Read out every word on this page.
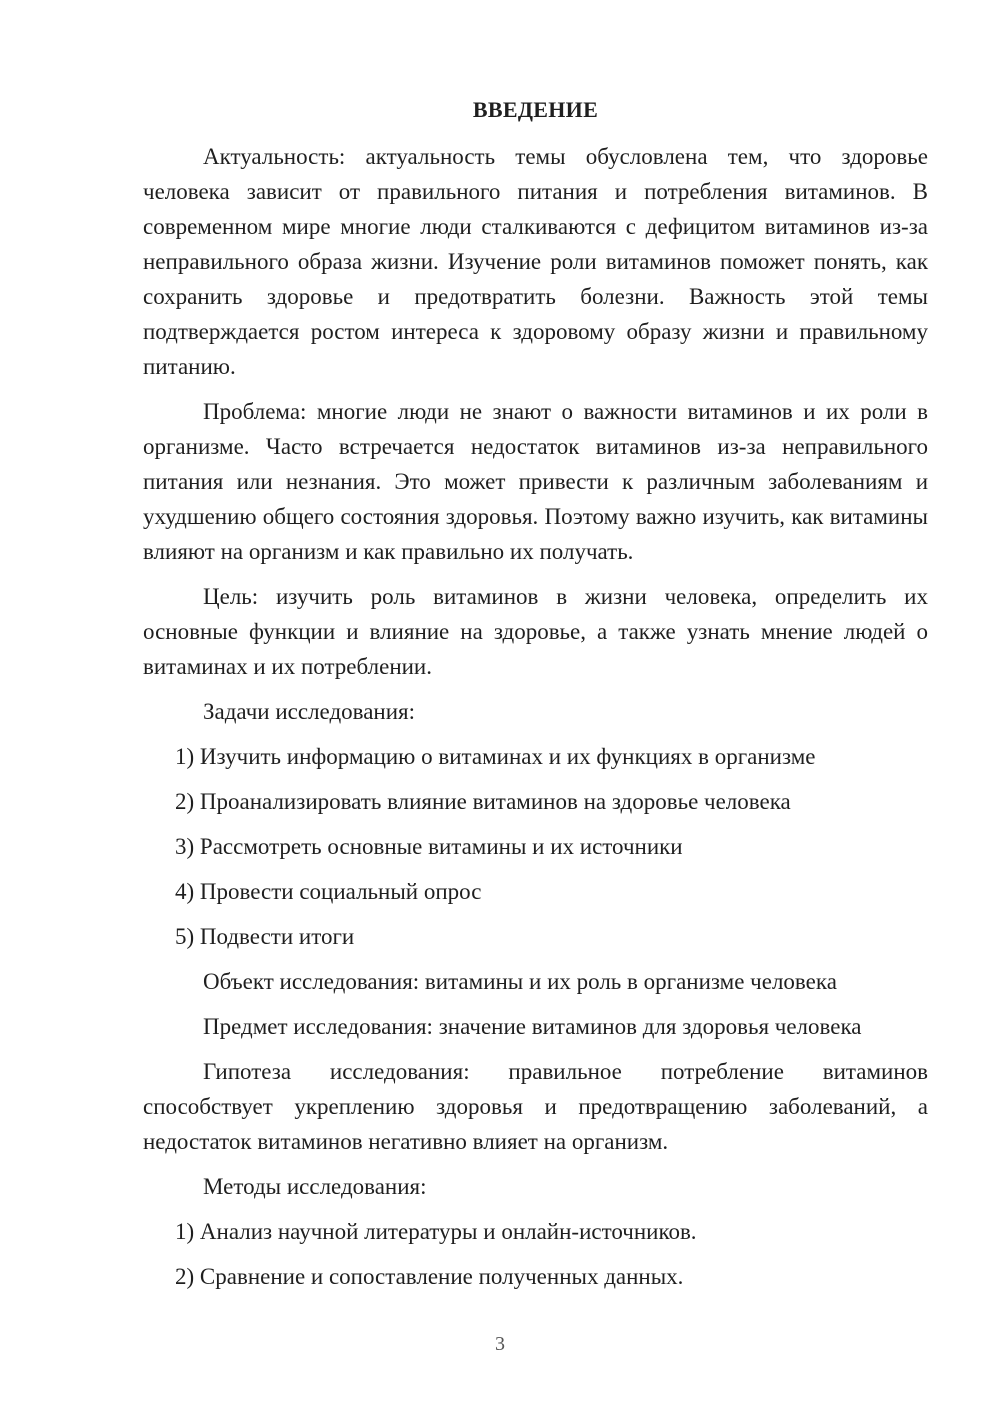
ВВЕДЕНИЕ

Актуальность: актуальность темы обусловлена тем, что здоровье человека зависит от правильного питания и потребления витаминов. В современном мире многие люди сталкиваются с дефицитом витаминов из-за неправильного образа жизни. Изучение роли витаминов поможет понять, как сохранить здоровье и предотвратить болезни. Важность этой темы подтверждается ростом интереса к здоровому образу жизни и правильному питанию.

Проблема: многие люди не знают о важности витаминов и их роли в организме. Часто встречается недостаток витаминов из-за неправильного питания или незнания. Это может привести к различным заболеваниям и ухудшению общего состояния здоровья. Поэтому важно изучить, как витамины влияют на организм и как правильно их получать.

Цель: изучить роль витаминов в жизни человека, определить их основные функции и влияние на здоровье, а также узнать мнение людей о витаминах и их потреблении.

Задачи исследования:

1) Изучить информацию о витаминах и их функциях в организме
2) Проанализировать влияние витаминов на здоровье человека
3) Рассмотреть основные витамины и их источники
4) Провести социальный опрос
5) Подвести итоги

Объект исследования: витамины и их роль в организме человека

Предмет исследования: значение витаминов для здоровья человека

Гипотеза исследования: правильное потребление витаминов способствует укреплению здоровья и предотвращению заболеваний, а недостаток витаминов негативно влияет на организм.

Методы исследования:

1) Анализ научной литературы и онлайн-источников.
2) Сравнение и сопоставление полученных данных.
3
